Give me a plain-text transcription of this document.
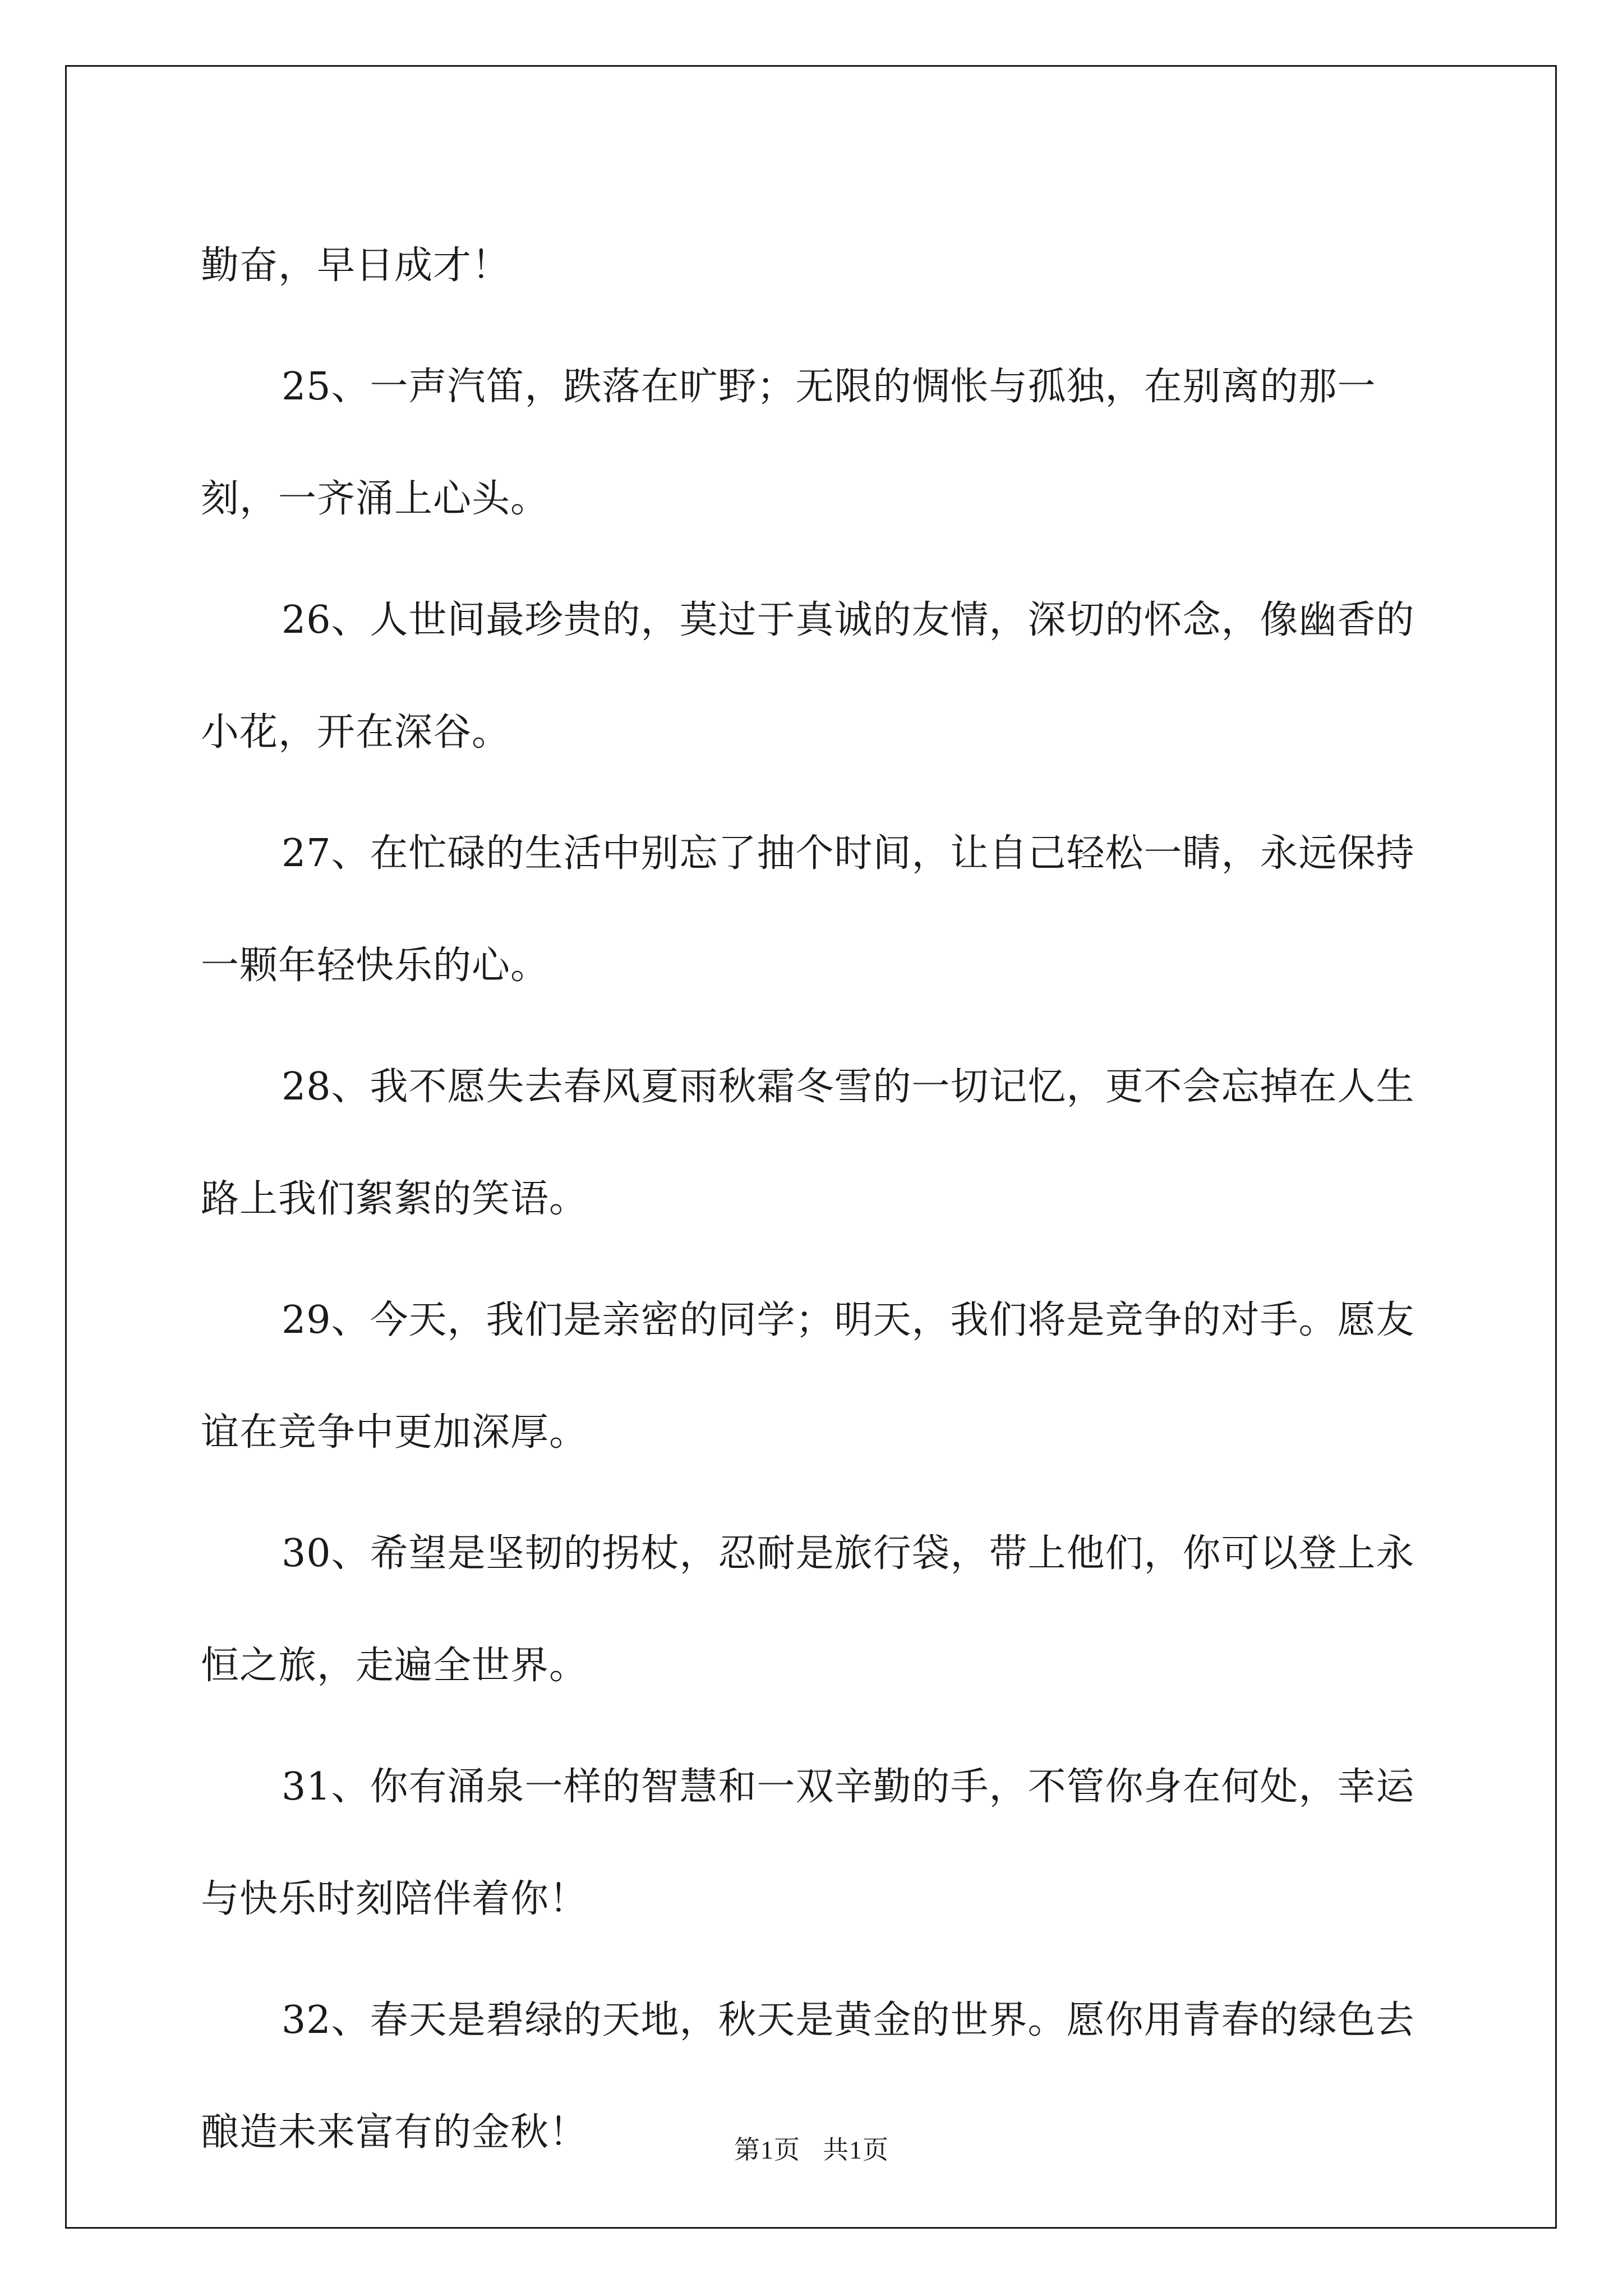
勤奋，早日成才！

25、一声汽笛，跌落在旷野；无限的惆怅与孤独，在别离的那一刻，一齐涌上心头。

26、人世间最珍贵的，莫过于真诚的友情，深切的怀念，像幽香的小花，开在深谷。

27、在忙碌的生活中别忘了抽个时间，让自己轻松一睛，永远保持一颗年轻快乐的心。

28、我不愿失去春风夏雨秋霜冬雪的一切记忆，更不会忘掉在人生路上我们絮絮的笑语。

29、今天，我们是亲密的同学；明天，我们将是竞争的对手。愿友谊在竞争中更加深厚。

30、希望是坚韧的拐杖，忍耐是旅行袋，带上他们，你可以登上永恒之旅，走遍全世界。

31、你有涌泉一样的智慧和一双辛勤的手，不管你身在何处，幸运与快乐时刻陪伴着你！

32、春天是碧绿的天地，秋天是黄金的世界。愿你用青春的绿色去酿造未来富有的金秋！	第1页 共1页
